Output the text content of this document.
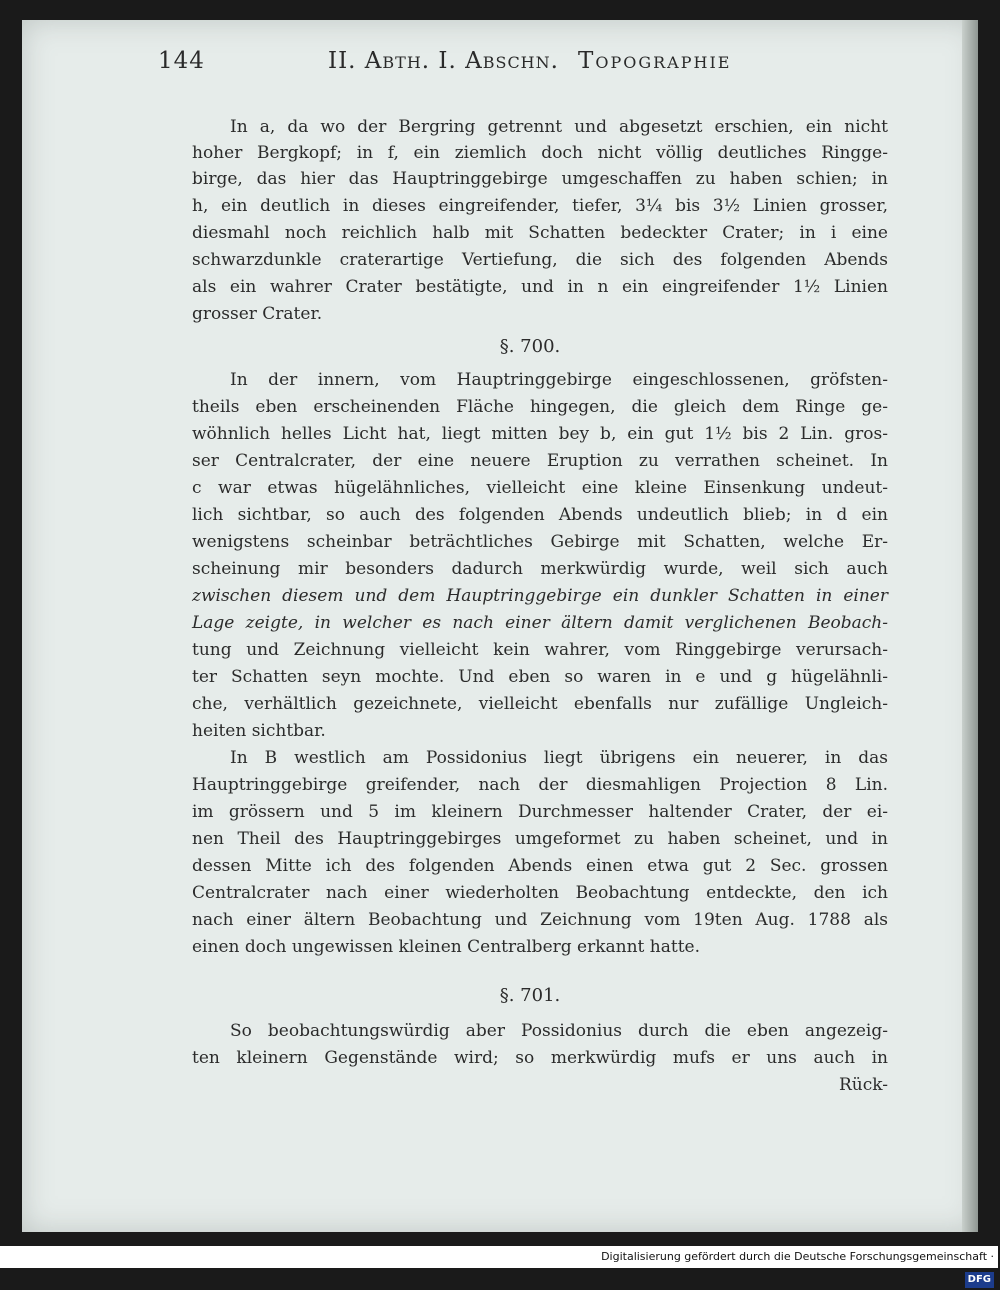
144	II. Abth. I. Abschn. Topographie
In a, da wo der Bergring getrennt und abgesetzt erschien, ein nicht
hoher Bergkopf; in f, ein ziemlich doch nicht völlig deutliches Ringge-
birge, das hier das Hauptringgebirge umgeschaffen zu haben schien; in
h, ein deutlich in dieses eingreifender, tiefer, 3¼ bis 3½ Linien grosser,
diesmahl noch reichlich halb mit Schatten bedeckter Crater; in i eine
schwarzdunkle craterartige Vertiefung, die sich des folgenden Abends
als ein wahrer Crater bestätigte, und in n ein eingreifender 1½ Linien
grosser Crater.
§. 700.
In der innern, vom Hauptringgebirge eingeschlossenen, gröfsten-
theils eben erscheinenden Fläche hingegen, die gleich dem Ringe ge-
wöhnlich helles Licht hat, liegt mitten bey b, ein gut 1½ bis 2 Lin. gros-
ser Centralcrater, der eine neuere Eruption zu verrathen scheinet. In
c war etwas hügelähnliches, vielleicht eine kleine Einsenkung undeut-
lich sichtbar, so auch des folgenden Abends undeutlich blieb; in d ein
wenigstens scheinbar beträchtliches Gebirge mit Schatten, welche Er-
scheinung mir besonders dadurch merkwürdig wurde, weil sich auch
zwischen diesem und dem Hauptringgebirge ein dunkler Schatten in einer
Lage zeigte, in welcher es nach einer ältern damit verglichenen Beobach-
tung und Zeichnung vielleicht kein wahrer, vom Ringgebirge verursach-
ter Schatten seyn mochte. Und eben so waren in e und g hügelähnli-
che, verhältlich gezeichnete, vielleicht ebenfalls nur zufällige Ungleich-
heiten sichtbar.
In B westlich am Possidonius liegt übrigens ein neuerer, in das
Hauptringgebirge greifender, nach der diesmahligen Projection 8 Lin.
im grössern und 5 im kleinern Durchmesser haltender Crater, der ei-
nen Theil des Hauptringgebirges umgeformet zu haben scheinet, und in
dessen Mitte ich des folgenden Abends einen etwa gut 2 Sec. grossen
Centralcrater nach einer wiederholten Beobachtung entdeckte, den ich
nach einer ältern Beobachtung und Zeichnung vom 19ten Aug. 1788 als
einen doch ungewissen kleinen Centralberg erkannt hatte.
§. 701.
So beobachtungswürdig aber Possidonius durch die eben angezeig-
ten kleinern Gegenstände wird; so merkwürdig mufs er uns auch in
Rück-
Digitalisierung gefördert durch die Deutsche Forschungsgemeinschaft · DFG
